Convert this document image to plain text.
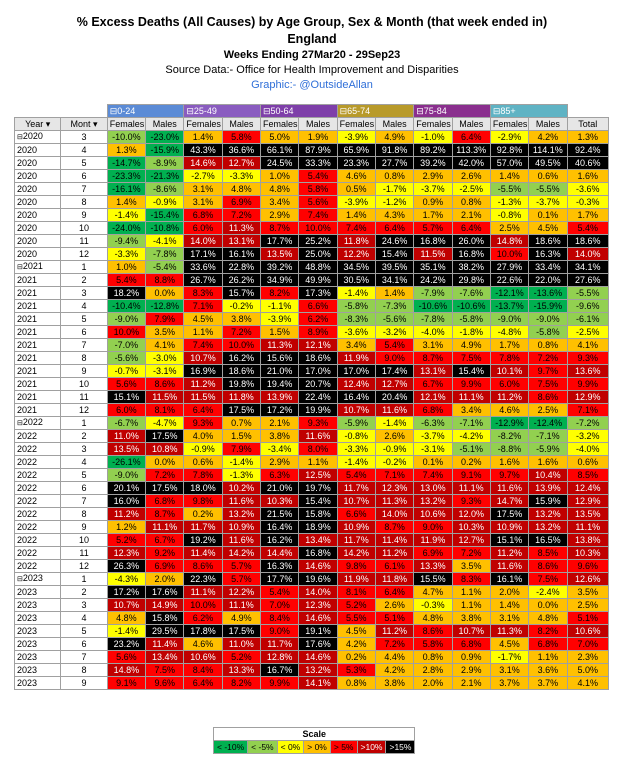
% Excess Deaths (All Causes) by Age Group, Sex & Month (that week ended in)
England
Weeks Ending 27Mar20 - 29Sep23
Source Data:- Office for Health Improvement and Disparities
Graphic:- @OutsideAllan
		⊟0-24		⊟25-49		⊟50-64		⊟65-74		⊟75-84		⊟85+		
Year ▾	Mont ▾	Females	Males	Females	Males	Females	Males	Females	Males	Females	Males	Females	Males	Total
⊟2020	3	-10.0%	-23.0%	1.4%	5.8%	5.0%	1.9%	-3.9%	4.9%	-1.0%	6.4%	-2.9%	4.2%	1.3%
2020	4	1.3%	-15.9%	43.3%	36.6%	66.1%	87.9%	65.9%	91.8%	89.2%	113.3%	92.8%	114.1%	92.4%
2020	5	-14.7%	-8.9%	14.6%	12.7%	24.5%	33.3%	23.3%	27.7%	39.2%	42.0%	57.0%	49.5%	40.6%
2020	6	-23.3%	-21.3%	-2.7%	-3.3%	1.0%	5.4%	4.6%	0.8%	2.9%	2.6%	1.4%	0.6%	1.6%
2020	7	-16.1%	-8.6%	3.1%	4.8%	4.8%	5.8%	0.5%	-1.7%	-3.7%	-2.5%	-5.5%	-5.5%	-3.6%
2020	8	1.4%	-0.9%	3.1%	6.9%	3.4%	5.6%	-3.9%	-1.2%	0.9%	0.8%	-1.3%	-3.7%	-0.3%
2020	9	-1.4%	-15.4%	6.8%	7.2%	2.9%	7.4%	1.4%	4.3%	1.7%	2.1%	-0.8%	0.1%	1.7%
2020	10	-24.0%	-10.8%	6.0%	11.3%	8.7%	10.0%	7.4%	6.4%	5.7%	6.4%	2.5%	4.5%	5.4%
2020	11	-9.4%	-4.1%	14.0%	13.1%	17.7%	25.2%	11.8%	24.6%	16.8%	26.0%	14.8%	18.6%	18.6%
2020	12	-3.3%	-7.8%	17.1%	16.1%	13.5%	25.0%	12.2%	15.4%	11.5%	16.8%	10.0%	16.3%	14.0%
⊟2021	1	1.0%	-5.4%	33.6%	22.8%	39.2%	48.8%	34.5%	39.5%	35.1%	38.2%	27.9%	33.4%	34.1%
2021	2	5.4%	8.8%	26.7%	26.2%	34.9%	49.9%	30.5%	34.1%	24.2%	29.8%	22.6%	22.0%	27.6%
2021	3	18.2%	0.0%	8.3%	15.7%	8.2%	17.3%	-1.4%	1.4%	-7.9%	-7.6%	-12.1%	-13.6%	-5.5%
2021	4	-10.4%	-12.8%	7.1%	-0.2%	-1.1%	6.6%	-5.8%	-7.3%	-10.6%	-10.6%	-13.7%	-15.9%	-9.6%
2021	5	-9.0%	7.9%	4.5%	3.8%	-3.9%	6.2%	-8.3%	-5.6%	-7.8%	-5.8%	-9.0%	-9.0%	-6.1%
2021	6	10.0%	3.5%	1.1%	7.2%	1.5%	8.9%	-3.6%	-3.2%	-4.0%	-1.8%	-4.8%	-5.8%	-2.5%
2021	7	-7.0%	4.1%	7.4%	10.0%	11.3%	12.1%	3.4%	5.4%	3.1%	4.9%	1.7%	0.8%	4.1%
2021	8	-5.6%	-3.0%	10.7%	16.2%	15.6%	18.6%	11.9%	9.0%	8.7%	7.5%	7.8%	7.2%	9.3%
2021	9	-0.7%	-3.1%	16.9%	18.6%	21.0%	17.0%	17.0%	17.4%	13.1%	15.4%	10.1%	9.7%	13.6%
2021	10	5.6%	8.6%	11.2%	19.8%	19.4%	20.7%	12.4%	12.7%	6.7%	9.9%	6.0%	7.5%	9.9%
2021	11	15.1%	11.5%	11.5%	11.8%	13.9%	22.4%	16.4%	20.4%	12.1%	11.1%	11.2%	8.6%	12.9%
2021	12	6.0%	8.1%	6.4%	17.5%	17.2%	19.9%	10.7%	11.6%	6.8%	3.4%	4.6%	2.5%	7.1%
⊟2022	1	-6.7%	-4.7%	9.3%	0.7%	2.1%	9.3%	-5.9%	-1.4%	-6.3%	-7.1%	-12.9%	-12.4%	-7.2%
2022	2	11.0%	17.5%	4.0%	1.5%	3.8%	11.6%	-0.8%	2.6%	-3.7%	-4.2%	-8.2%	-7.1%	-3.2%
2022	3	13.5%	10.8%	-0.9%	7.9%	-3.4%	8.0%	-3.3%	-0.9%	-3.1%	-5.1%	-8.8%	-5.9%	-4.0%
2022	4	-26.1%	0.0%	0.6%	-1.4%	2.9%	1.1%	-1.4%	-0.2%	0.1%	0.2%	1.6%	1.6%	0.6%
2022	5	-9.0%	7.2%	7.8%	-1.3%	6.3%	12.5%	5.4%	7.1%	7.4%	9.1%	9.7%	10.4%	8.5%
2022	6	20.1%	17.5%	18.0%	10.2%	21.0%	19.7%	11.7%	12.3%	13.0%	11.1%	11.6%	13.9%	12.4%
2022	7	16.0%	6.8%	9.8%	11.6%	10.3%	15.4%	10.7%	11.3%	13.2%	9.3%	14.7%	15.9%	12.9%
2022	8	11.2%	8.7%	0.2%	13.2%	21.5%	15.8%	6.6%	14.0%	10.6%	12.0%	17.5%	13.2%	13.5%
2022	9	1.2%	11.1%	11.7%	10.9%	16.4%	18.9%	10.9%	8.7%	9.0%	10.3%	10.9%	13.2%	11.1%
2022	10	5.2%	6.7%	19.2%	11.6%	16.2%	13.4%	11.7%	11.4%	11.9%	12.7%	15.1%	16.5%	13.8%
2022	11	12.3%	9.2%	11.4%	14.2%	14.4%	16.8%	14.2%	11.2%	6.9%	7.2%	11.2%	8.5%	10.3%
2022	12	26.3%	6.9%	8.6%	5.7%	16.3%	14.6%	9.8%	6.1%	13.3%	3.5%	11.6%	8.6%	9.6%
⊟2023	1	-4.3%	2.0%	22.3%	5.7%	17.7%	19.6%	11.9%	11.8%	15.5%	8.3%	16.1%	7.5%	12.6%
2023	2	17.2%	17.6%	11.1%	12.2%	5.4%	14.0%	8.1%	6.4%	4.7%	1.1%	2.0%	-2.4%	3.5%
2023	3	10.7%	14.9%	10.0%	11.1%	7.0%	12.3%	5.2%	2.6%	-0.3%	1.1%	1.4%	0.0%	2.5%
2023	4	4.8%	15.8%	6.2%	4.9%	8.4%	14.6%	5.5%	5.1%	4.8%	3.8%	3.1%	4.8%	5.1%
2023	5	-1.4%	29.5%	17.8%	17.5%	9.0%	19.1%	4.5%	11.2%	8.6%	10.7%	11.3%	8.2%	10.6%
2023	6	23.2%	11.4%	4.6%	11.0%	11.7%	17.6%	4.2%	7.2%	5.8%	6.8%	4.5%	6.8%	7.0%
2023	7	5.6%	13.4%	10.6%	5.2%	12.8%	14.6%	0.2%	4.4%	0.8%	0.9%	-1.7%	1.1%	2.3%
2023	8	14.8%	7.5%	8.4%	13.3%	16.7%	13.2%	5.3%	4.2%	2.8%	2.9%	3.1%	3.6%	5.0%
2023	9	9.1%	9.6%	6.4%	8.2%	9.9%	14.1%	0.8%	3.8%	2.0%	2.1%	3.7%	3.7%	4.1%
Scale
< -10%	< -5%	< 0%	> 0%	> 5%	>10%	>15%
